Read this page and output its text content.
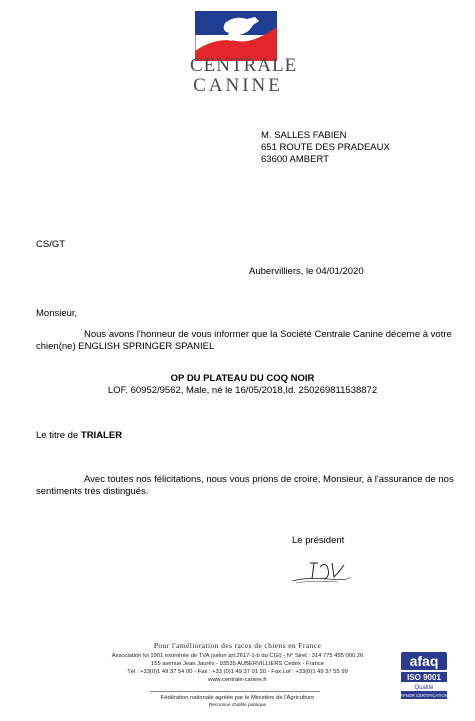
CENTRALE
CANINE
M. SALLES FABIEN
651 ROUTE DES PRADEAUX
63600 AMBERT
CS/GT
Aubervilliers, le 04/01/2020
Monsieur,
Nous avons l'honneur de vous informer que la Société Centrale Canine décerne à votre
chien(ne) ENGLISH SPRINGER SPANIEL
OP DU PLATEAU DU COQ NOIR
LOF. 60952/9562, Male, né le 16/05/2018,Id. 250269811538872
Le titre de TRIALER
Avec toutes nos félicitations, nous vous prions de croire, Monsieur, à l'assurance de nos
sentiments très distingués.
Le président
Pour l'amélioration des races de chiens en France
Association loi 1901 exonérée de TVA (selon art.2617-1-b du CGI) - N° Siret : 314 775 495 000 26
155 avenue Jean Jaurès - 93535 AUBERVILLIERS Cedex - France
Tél : +33(0)1 49 37 54 00 - Fax : +33 (0)1 49 37 01 20 - Fax Lof : +33(0)1 49 37 55 99
www.centrale-canine.fr
Fédération nationale agréée par le Ministère de l'Agriculture
Reconnue d'utilité publique
afaq
ISO 9001
Qualité
AFNOR CERTIFICATION
